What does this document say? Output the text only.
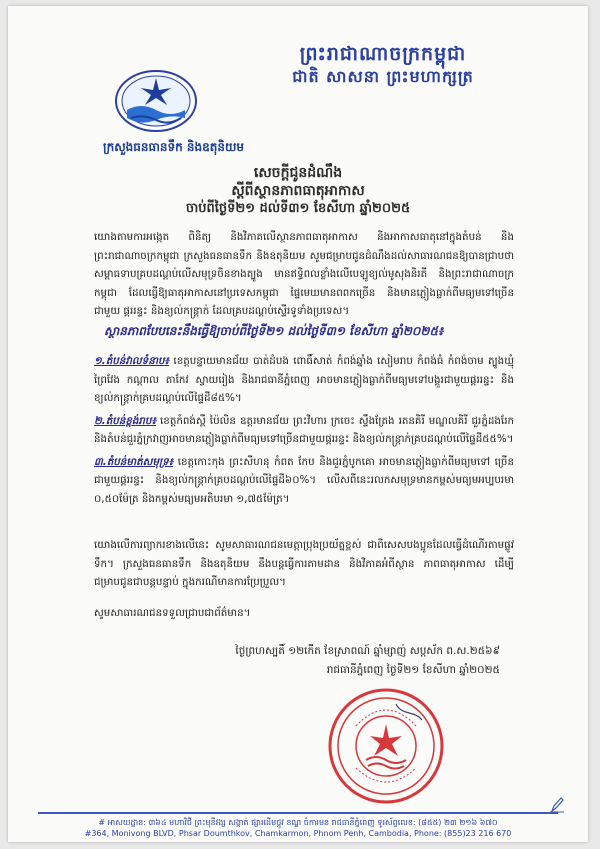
ព្រះរាជាណាចក្រកម្ពុជា
ជាតិ សាសនា ព្រះមហាក្សត្រ
ក្រសួងធនធានទឹក និងឧតុនិយម
សេចក្តីជូនដំណឹង
ស្តីពីស្ថានភាពធាតុអាកាស
ចាប់ពីថ្ងៃទី២១ ដល់ទី៣១ ខែសីហា ឆ្នាំ២០២៥
យោងតាមការអង្កេត ពិនិត្យ និងវិភាគលើស្ថានភាពធាតុអាកាស និងអាកាសធាតុនៅក្នុងតំបន់ និង ព្រះរាជាណាចក្រកម្ពុជា ក្រសួងធនធានទឹក និងឧតុនិយម សូមជម្រាបជូនដំណឹងដល់សាធារណជនឱ្យបានជ្រាបថា សម្ពាធទាបគ្របដណ្តប់លើសមុទ្រចិនខាងត្បូង មានឥទ្ធិពលខ្លាំងលើបេឡូខ្យល់មូសុងនិរតី និងព្រះរាជាណាចក្រកម្ពុជា ដែលធ្វើឱ្យធាតុអាកាសនៅប្រទេសកម្ពុជា ផ្ទៃមេឃមានពពកច្រើន និងមានភ្លៀងធ្លាក់ពីមធ្យមទៅច្រើនជាមួយ ផ្គររន្ទះ និងខ្យល់កន្ត្រាក់ ដែលគ្របដណ្តប់ស្ទើរទូទាំងប្រទេស។
ស្ថានភាពបែបនេះនឹងធ្វើឱ្យចាប់ពីថ្ងៃទី២១ ដល់ថ្ងៃទី៣១ ខែសីហា ឆ្នាំ២០២៥៖

១.តំបន់វាលទំនាប៖ ខេត្តបន្ទាយមានជ័យ បាត់ដំបង ពោធិ៍សាត់ កំពង់ឆ្នាំង សៀមរាប កំពង់ធំ កំពង់ចាម ត្បូងឃ្មុំ ព្រៃវែង កណ្តាល តាកែវ ស្វាយរៀង និងរាជធានីភ្នំពេញ អាចមានភ្លៀងធ្លាក់ពីមធ្យមទៅបង្គួរជាមួយផ្គររន្ទះ និង ខ្យល់កន្ត្រាក់គ្របដណ្តប់លើផ្ទៃដី៨៥%។

២.តំបន់ខ្ពង់រាប៖ ខេត្តកំពង់ស្ពឺ ប៉ៃលិន ឧត្តរមានជ័យ ព្រះវិហារ ក្រចេះ ស្ទឹងត្រែង រតនគិរី មណ្ឌលគិរី ជួរភ្នំដងរែក និងតំបន់ជួរភ្នំក្រវាញអាចមានភ្លៀងធ្លាក់ពីមធ្យមទៅច្រើនជាមួយផ្គររន្ទះ និងខ្យល់កន្ត្រាក់គ្របដណ្តប់លើផ្ទៃដី៥៥%។

៣.តំបន់មាត់សមុទ្រ៖ ខេត្តកោះកុង ព្រះសីហនុ កំពត កែប និងជួរភ្នំបូកគោ អាចមានភ្លៀងធ្លាក់ពីមធ្យមទៅ ច្រើនជាមួយផ្គររន្ទះ និងខ្យល់កន្ត្រាក់គ្របដណ្តប់លើផ្ទៃដី៦០%។ លើសពីនេះរលកសមុទ្រមានកម្ពស់មធ្យមអប្បបរមា ០,៥០ម៉ែត្រ និងកម្ពស់មធ្យមអតិបរមា ១,៧៥ម៉ែត្រ។

យោងលើការព្យាករខាងលើនេះ សូមសាធារណជនមេត្តាប្រុងប្រយ័ត្នខ្ពស់ ជាពិសេសបងប្អូនដែលធ្វើដំណើរតាមផ្លូវទឹក។ ក្រសួងធនធានទឹក និងឧតុនិយម នឹងបន្តធ្វើការតាមដាន និងវិភាគអំពីស្ថាន ភាពធាតុអាកាស ដើម្បីជម្រាបជូនជាបន្តបន្ទាប់ ក្នុងករណីមានការប្រែប្រួល។
សូមសាធារណជនទទួលជ្រាបជាព័ត៌មាន។
ថ្ងៃព្រហស្បតិ៍ ១២កើត ខែស្រាពណ៍ ឆ្នាំម្សាញ់ សប្តស័ក ព.ស.២៥៦៩
រាជធានីភ្នំពេញ ថ្ងៃទី២១ ខែសីហា ឆ្នាំ២០២៥
# អាសយដ្ឋាន: ៣៦៤ មហាវិថី ព្រះមុនីវង្ស សង្កាត់ ផ្សារដើមថ្កូវ ខណ្ឌ ចំការមន រាជធានីភ្នំពេញ ទូរស័ព្ទលេខ: (៨៥៥) ២៣ ២១៦ ៦៧០
#364, Monivong BLVD, Phsar Doumthkov, Chamkarmon, Phnom Penh, Cambodia, Phone: (855)23 216 670
